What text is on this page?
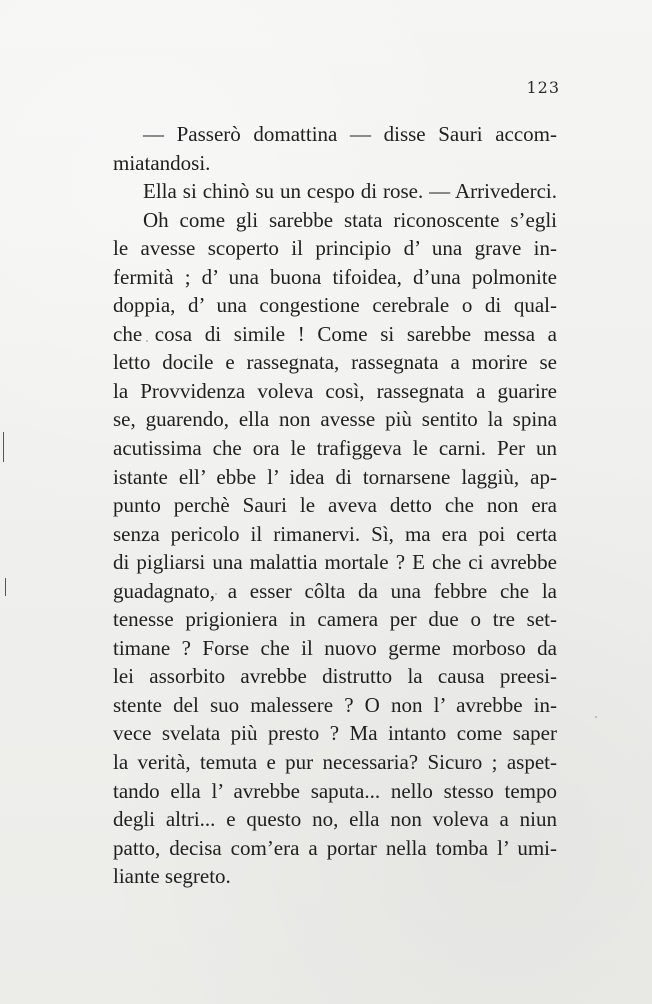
123
— Passerò domattina — disse Sauri accom-
miatandosi.
Ella si chinò su un cespo di rose. — Arrivederci.
Oh come gli sarebbe stata riconoscente s’egli
le avesse scoperto il principio d’ una grave in-
fermità ; d’ una buona tifoidea, d’una polmonite
doppia, d’ una congestione cerebrale o di qual-
che cosa di simile ! Come si sarebbe messa a
letto docile e rassegnata, rassegnata a morire se
la Provvidenza voleva così, rassegnata a guarire
se, guarendo, ella non avesse più sentito la spina
acutissima che ora le trafiggeva le carni. Per un
istante ell’ ebbe l’ idea di tornarsene laggiù, ap-
punto perchè Sauri le aveva detto che non era
senza pericolo il rimanervi. Sì, ma era poi certa
di pigliarsi una malattia mortale ? E che ci avrebbe
guadagnato, a esser côlta da una febbre che la
tenesse prigioniera in camera per due o tre set-
timane ? Forse che il nuovo germe morboso da
lei assorbito avrebbe distrutto la causa preesi-
stente del suo malessere ? O non l’ avrebbe in-
vece svelata più presto ? Ma intanto come saper
la verità, temuta e pur necessaria? Sicuro ; aspet-
tando ella l’ avrebbe saputa... nello stesso tempo
degli altri... e questo no, ella non voleva a niun
patto, decisa com’era a portar nella tomba l’ umi-
liante segreto.
